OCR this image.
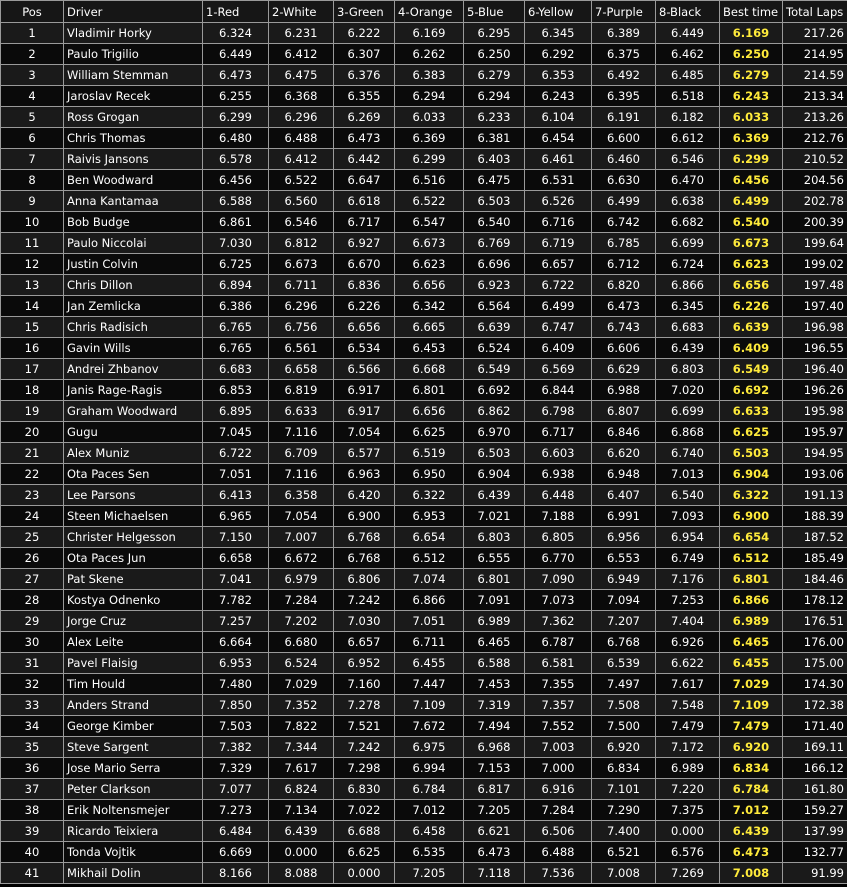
Pos	Driver	1-Red	2-White	3-Green	4-Orange	5-Blue	6-Yellow	7-Purple	8-Black	Best time	Total Laps
1	Vladimir Horky	6.324	6.231	6.222	6.169	6.295	6.345	6.389	6.449	6.169	217.26
2	Paulo Trigilio	6.449	6.412	6.307	6.262	6.250	6.292	6.375	6.462	6.250	214.95
3	William Stemman	6.473	6.475	6.376	6.383	6.279	6.353	6.492	6.485	6.279	214.59
4	Jaroslav Recek	6.255	6.368	6.355	6.294	6.294	6.243	6.395	6.518	6.243	213.34
5	Ross Grogan	6.299	6.296	6.269	6.033	6.233	6.104	6.191	6.182	6.033	213.26
6	Chris Thomas	6.480	6.488	6.473	6.369	6.381	6.454	6.600	6.612	6.369	212.76
7	Raivis Jansons	6.578	6.412	6.442	6.299	6.403	6.461	6.460	6.546	6.299	210.52
8	Ben Woodward	6.456	6.522	6.647	6.516	6.475	6.531	6.630	6.470	6.456	204.56
9	Anna Kantamaa	6.588	6.560	6.618	6.522	6.503	6.526	6.499	6.638	6.499	202.78
10	Bob Budge	6.861	6.546	6.717	6.547	6.540	6.716	6.742	6.682	6.540	200.39
11	Paulo Niccolai	7.030	6.812	6.927	6.673	6.769	6.719	6.785	6.699	6.673	199.64
12	Justin Colvin	6.725	6.673	6.670	6.623	6.696	6.657	6.712	6.724	6.623	199.02
13	Chris Dillon	6.894	6.711	6.836	6.656	6.923	6.722	6.820	6.866	6.656	197.48
14	Jan Zemlicka	6.386	6.296	6.226	6.342	6.564	6.499	6.473	6.345	6.226	197.40
15	Chris Radisich	6.765	6.756	6.656	6.665	6.639	6.747	6.743	6.683	6.639	196.98
16	Gavin Wills	6.765	6.561	6.534	6.453	6.524	6.409	6.606	6.439	6.409	196.55
17	Andrei Zhbanov	6.683	6.658	6.566	6.668	6.549	6.569	6.629	6.803	6.549	196.40
18	Janis Rage-Ragis	6.853	6.819	6.917	6.801	6.692	6.844	6.988	7.020	6.692	196.26
19	Graham Woodward	6.895	6.633	6.917	6.656	6.862	6.798	6.807	6.699	6.633	195.98
20	Gugu	7.045	7.116	7.054	6.625	6.970	6.717	6.846	6.868	6.625	195.97
21	Alex Muniz	6.722	6.709	6.577	6.519	6.503	6.603	6.620	6.740	6.503	194.95
22	Ota Paces Sen	7.051	7.116	6.963	6.950	6.904	6.938	6.948	7.013	6.904	193.06
23	Lee Parsons	6.413	6.358	6.420	6.322	6.439	6.448	6.407	6.540	6.322	191.13
24	Steen Michaelsen	6.965	7.054	6.900	6.953	7.021	7.188	6.991	7.093	6.900	188.39
25	Christer Helgesson	7.150	7.007	6.768	6.654	6.803	6.805	6.956	6.954	6.654	187.52
26	Ota Paces Jun	6.658	6.672	6.768	6.512	6.555	6.770	6.553	6.749	6.512	185.49
27	Pat Skene	7.041	6.979	6.806	7.074	6.801	7.090	6.949	7.176	6.801	184.46
28	Kostya Odnenko	7.782	7.284	7.242	6.866	7.091	7.073	7.094	7.253	6.866	178.12
29	Jorge Cruz	7.257	7.202	7.030	7.051	6.989	7.362	7.207	7.404	6.989	176.51
30	Alex Leite	6.664	6.680	6.657	6.711	6.465	6.787	6.768	6.926	6.465	176.00
31	Pavel Flaisig	6.953	6.524	6.952	6.455	6.588	6.581	6.539	6.622	6.455	175.00
32	Tim Hould	7.480	7.029	7.160	7.447	7.453	7.355	7.497	7.617	7.029	174.30
33	Anders Strand	7.850	7.352	7.278	7.109	7.319	7.357	7.508	7.548	7.109	172.38
34	George Kimber	7.503	7.822	7.521	7.672	7.494	7.552	7.500	7.479	7.479	171.40
35	Steve Sargent	7.382	7.344	7.242	6.975	6.968	7.003	6.920	7.172	6.920	169.11
36	Jose Mario Serra	7.329	7.617	7.298	6.994	7.153	7.000	6.834	6.989	6.834	166.12
37	Peter Clarkson	7.077	6.824	6.830	6.784	6.817	6.916	7.101	7.220	6.784	161.80
38	Erik Noltensmejer	7.273	7.134	7.022	7.012	7.205	7.284	7.290	7.375	7.012	159.27
39	Ricardo Teixiera	6.484	6.439	6.688	6.458	6.621	6.506	7.400	0.000	6.439	137.99
40	Tonda Vojtik	6.669	0.000	6.625	6.535	6.473	6.488	6.521	6.576	6.473	132.77
41	Mikhail Dolin	8.166	8.088	0.000	7.205	7.118	7.536	7.008	7.269	7.008	91.99
